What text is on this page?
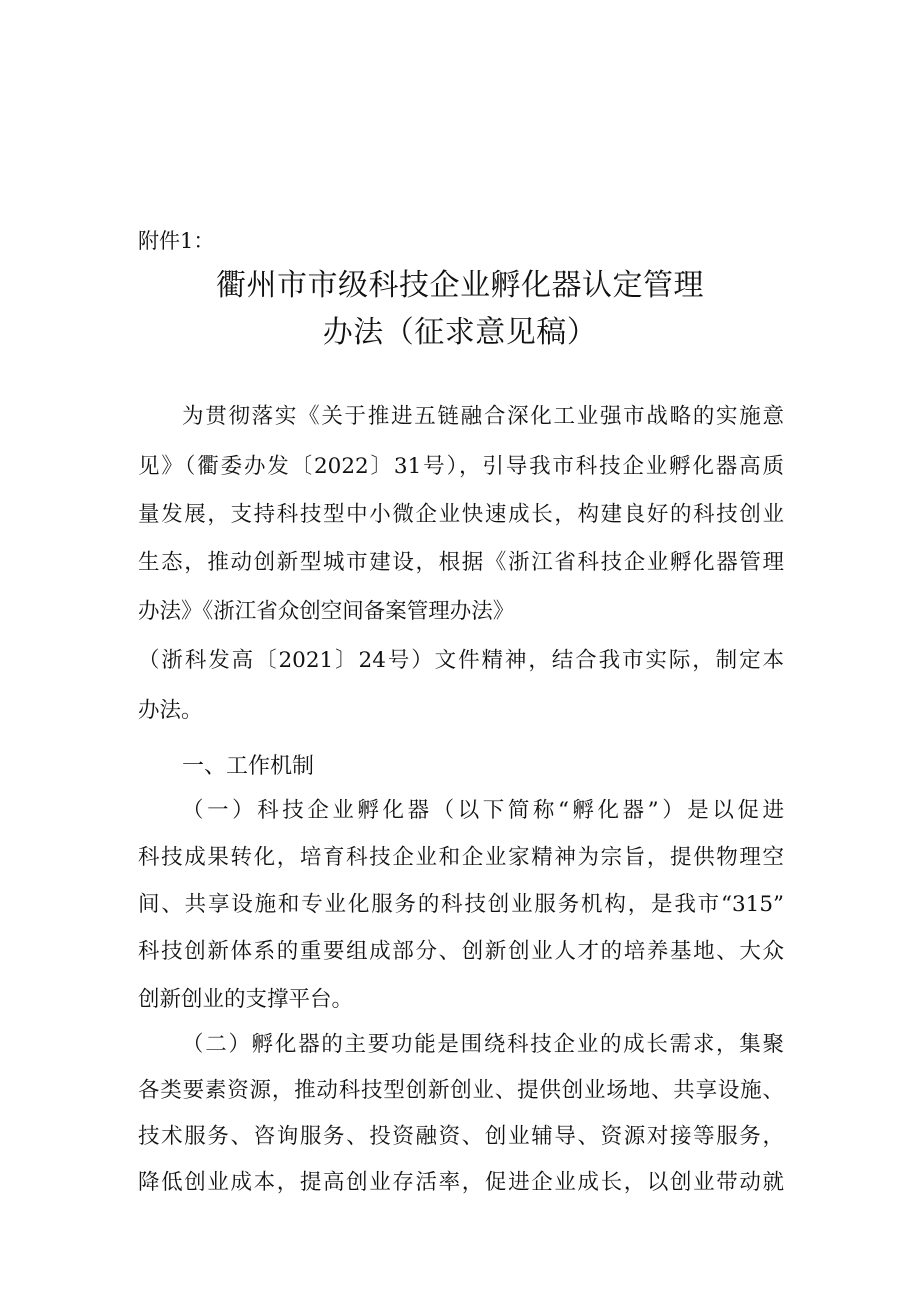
附件1：
衢州市市级科技企业孵化器认定管理
办法（征求意见稿）
为贯彻落实《关于推进五链融合深化工业强市战略的实施意
见》（衢委办发〔2022〕31号），引导我市科技企业孵化器高质
量发展，支持科技型中小微企业快速成长，构建良好的科技创业
生态，推动创新型城市建设，根据《浙江省科技企业孵化器管理
办法》《浙江省众创空间备案管理办法》
（浙科发高〔2021〕24号）文件精神，结合我市实际，制定本
办法。
一、工作机制
（一）科技企业孵化器（以下简称“孵化器”）是以促进
科技成果转化，培育科技企业和企业家精神为宗旨，提供物理空
间、共享设施和专业化服务的科技创业服务机构，是我市“315”
科技创新体系的重要组成部分、创新创业人才的培养基地、大众
创新创业的支撑平台。
（二）孵化器的主要功能是围绕科技企业的成长需求，集聚
各类要素资源，推动科技型创新创业、提供创业场地、共享设施、
技术服务、咨询服务、投资融资、创业辅导、资源对接等服务，
降低创业成本，提高创业存活率，促进企业成长，以创业带动就
